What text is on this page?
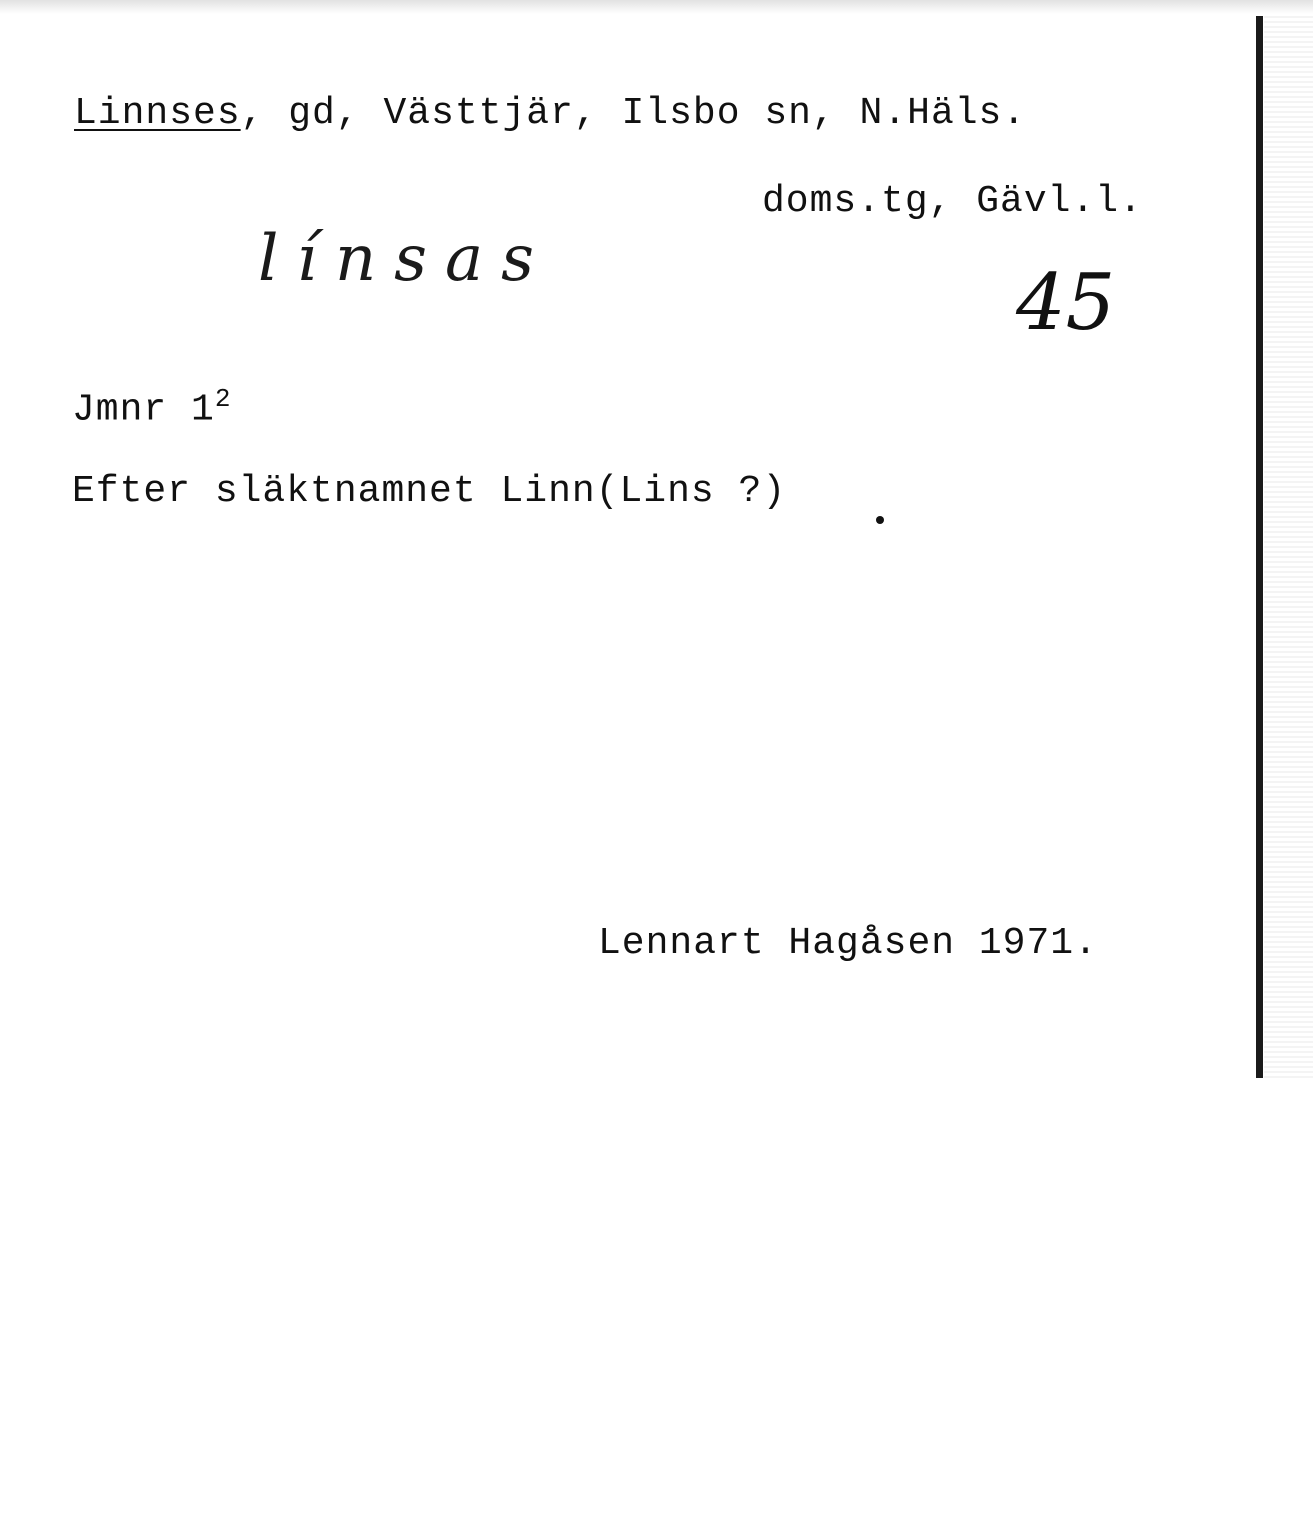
Linnses, gd, Västtjär, Ilsbo sn, N.Häls.
doms.tg, Gävl.l.
línsas	45
Jmnr $1^2$
Efter släktnamnet Linn(Lins ?)
Lennart Hagåsen 1971.
